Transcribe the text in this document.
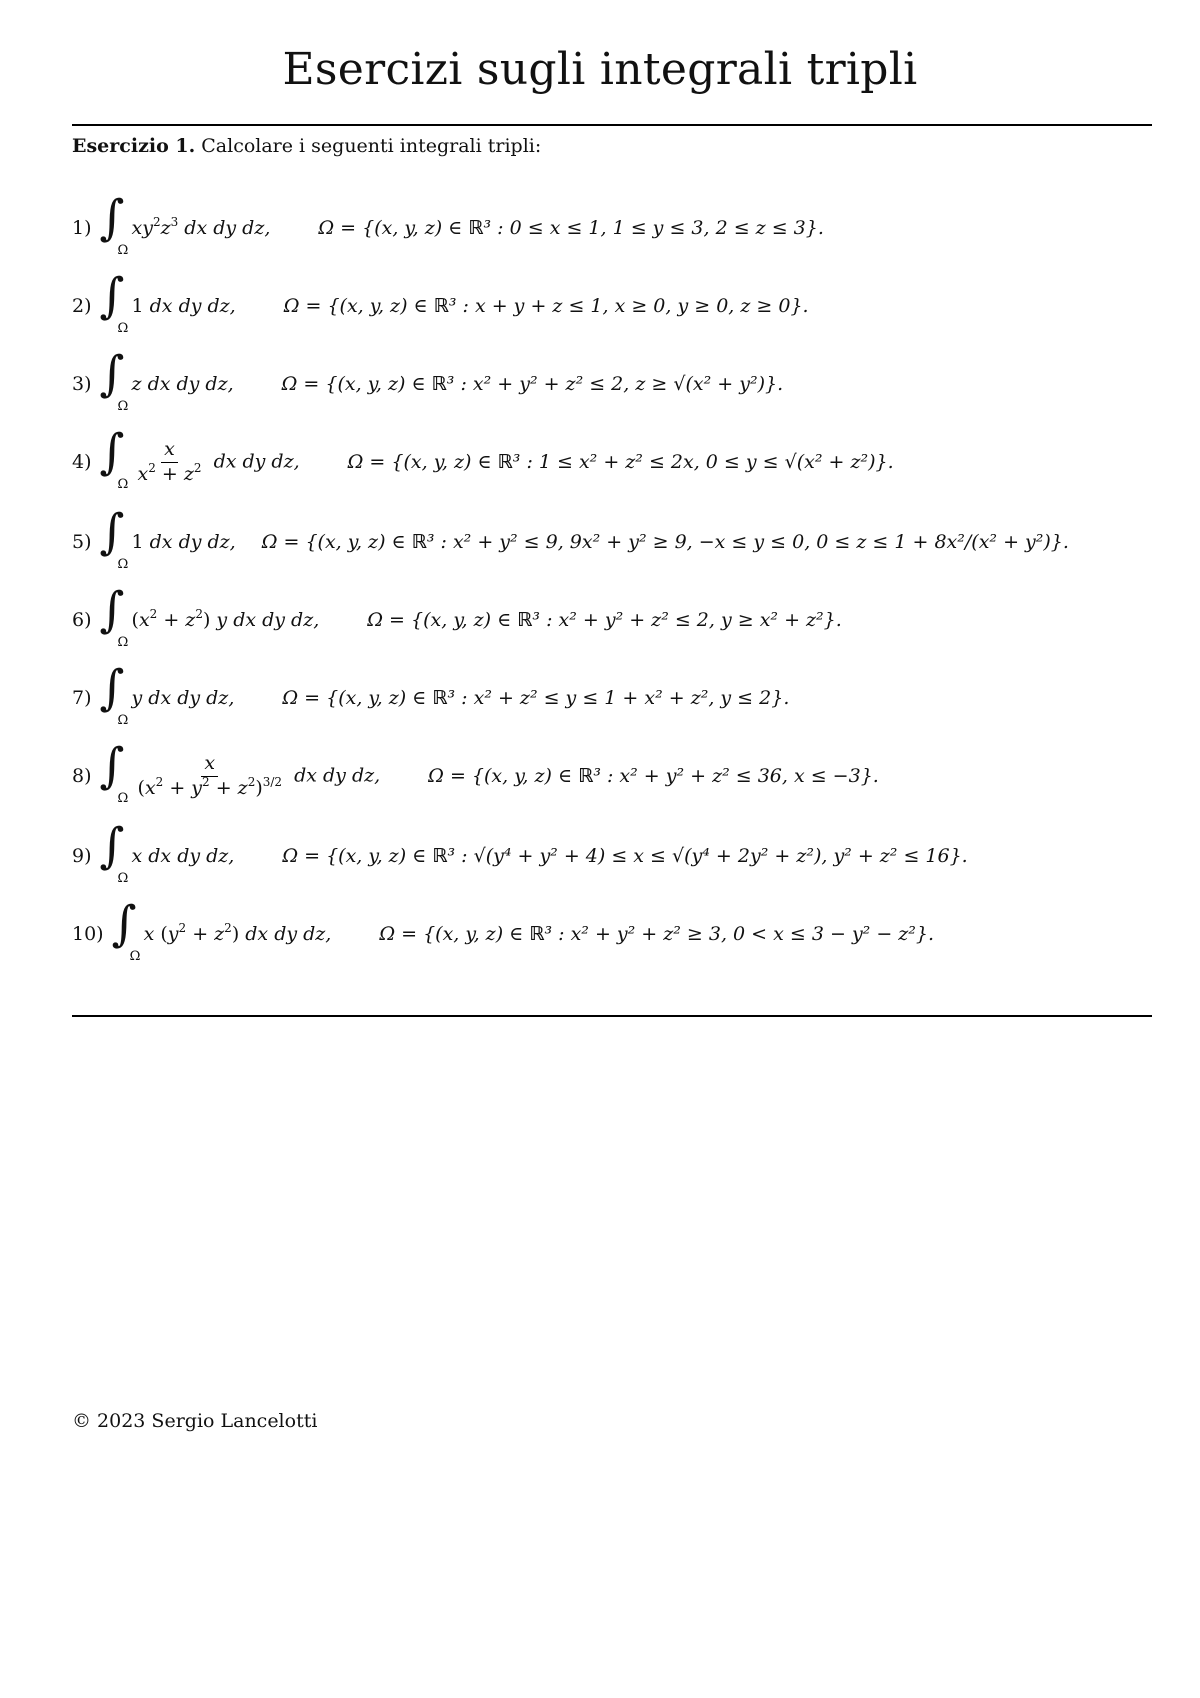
Esercizi sugli integrali tripli
Esercizio 1. Calcolare i seguenti integrali tripli:
1) ∫
Ω
$xy^2z^3$ dx dy dz,	Ω = {(x, y, z) ∈ ℝ³ : 0 ≤ x ≤ 1, 1 ≤ y ≤ 3, 2 ≤ z ≤ 3}.
2) ∫
Ω
1 dx dy dz,	Ω = {(x, y, z) ∈ ℝ³ : x + y + z ≤ 1, x ≥ 0, y ≥ 0, z ≥ 0}.
3) ∫
Ω
z dx dy dz,	Ω = {(x, y, z) ∈ ℝ³ : x² + y² + z² ≤ 2, z ≥ √(x² + y²)}.
4) ∫
Ω $\frac{x}{x^2 + z^2}$ dx dy dz,	Ω = {(x, y, z) ∈ ℝ³ : 1 ≤ x² + z² ≤ 2x, 0 ≤ y ≤ √(x² + z²)}.
5) ∫
Ω
1 dx dy dz, Ω = {(x, y, z) ∈ ℝ³ : x² + y² ≤ 9, 9x² + y² ≥ 9, −x ≤ y ≤ 0, 0 ≤ z ≤ 1 + 8x²/(x² + y²)}.
6) ∫
Ω
$(x^2 + z^2)$ y dx dy dz,	Ω = {(x, y, z) ∈ ℝ³ : x² + y² + z² ≤ 2, y ≥ x² + z²}.
7) ∫
Ω
y dx dy dz,	Ω = {(x, y, z) ∈ ℝ³ : x² + z² ≤ y ≤ 1 + x² + z², y ≤ 2}.
8) ∫
Ω $\frac{x}{(x^2 + y^2 + z^2)^{3/2}}$ dx dy dz,	Ω = {(x, y, z) ∈ ℝ³ : x² + y² + z² ≤ 36, x ≤ −3}.
9) ∫
Ω
x dx dy dz,	Ω = {(x, y, z) ∈ ℝ³ : √(y⁴ + y² + 4) ≤ x ≤ √(y⁴ + 2y² + z²), y² + z² ≤ 16}.
10) ∫
Ω
x $(y^2 + z^2)$ dx dy dz,	Ω = {(x, y, z) ∈ ℝ³ : x² + y² + z² ≥ 3, 0 < x ≤ 3 − y² − z²}.
© 2023 Sergio Lancelotti
